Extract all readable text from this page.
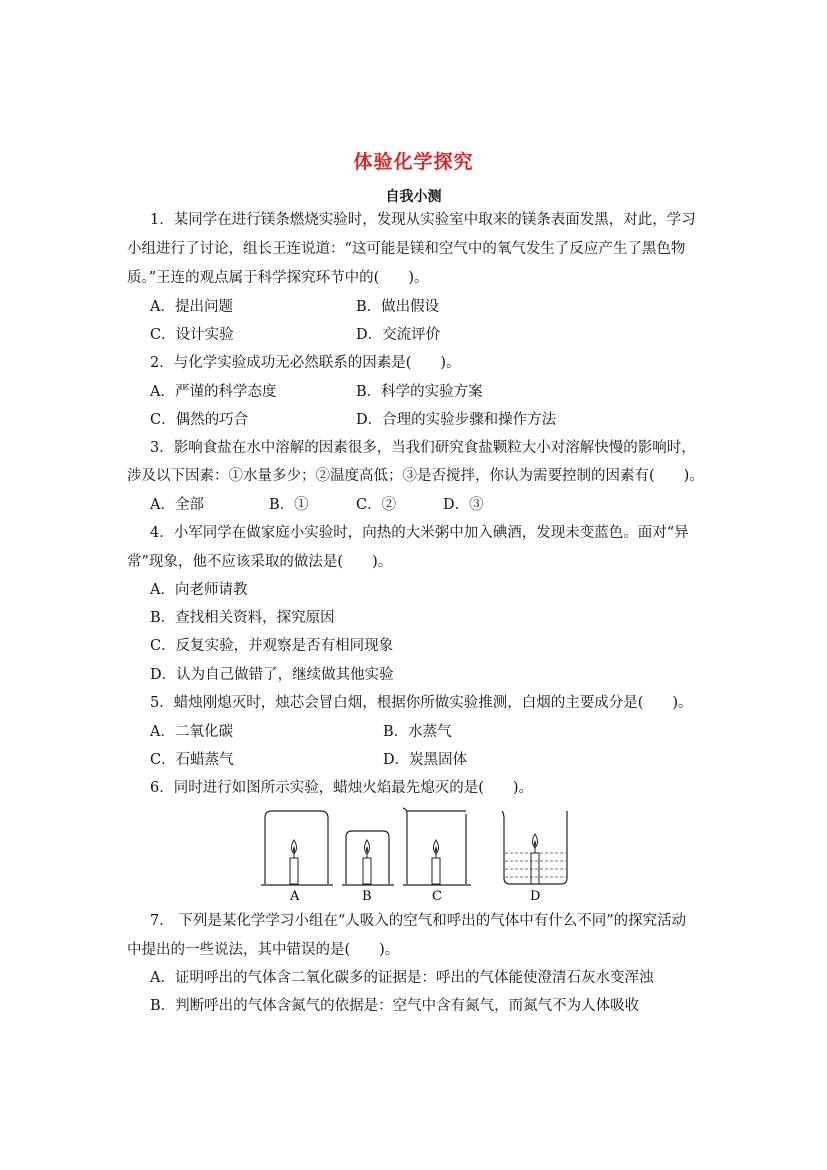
体验化学探究
自我小测
1．某同学在进行镁条燃烧实验时，发现从实验室中取来的镁条表面发黑，对此，学习
小组进行了讨论，组长王连说道：“这可能是镁和空气中的氧气发生了反应产生了黑色物
质。”王连的观点属于科学探究环节中的(　　)。
A．提出问题	B．做出假设
C．设计实验	D．交流评价
2．与化学实验成功无必然联系的因素是(　　)。
A．严谨的科学态度	B．科学的实验方案
C．偶然的巧合	D．合理的实验步骤和操作方法
3．影响食盐在水中溶解的因素很多，当我们研究食盐颗粒大小对溶解快慢的影响时，
涉及以下因素：①水量多少；②温度高低；③是否搅拌，你认为需要控制的因素有(　　)。
A．全部	B．①	C．②	D．③
4．小军同学在做家庭小实验时，向热的大米粥中加入碘酒，发现未变蓝色。面对“异
常”现象，他不应该采取的做法是(　　)。
A．向老师请教
B．查找相关资料，探究原因
C．反复实验，并观察是否有相同现象
D．认为自己做错了，继续做其他实验
5．蜡烛刚熄灭时，烛芯会冒白烟，根据你所做实验推测，白烟的主要成分是(　　)。
A．二氧化碳	B．水蒸气
C．石蜡蒸气	D．炭黑固体
6．同时进行如图所示实验，蜡烛火焰最先熄灭的是(　　)。
A	B	C	D
7． 下列是某化学学习小组在“人吸入的空气和呼出的气体中有什么不同”的探究活动
中提出的一些说法，其中错误的是(　　)。
A．证明呼出的气体含二氧化碳多的证据是：呼出的气体能使澄清石灰水变浑浊
B．判断呼出的气体含氮气的依据是：空气中含有氮气，而氮气不为人体吸收
